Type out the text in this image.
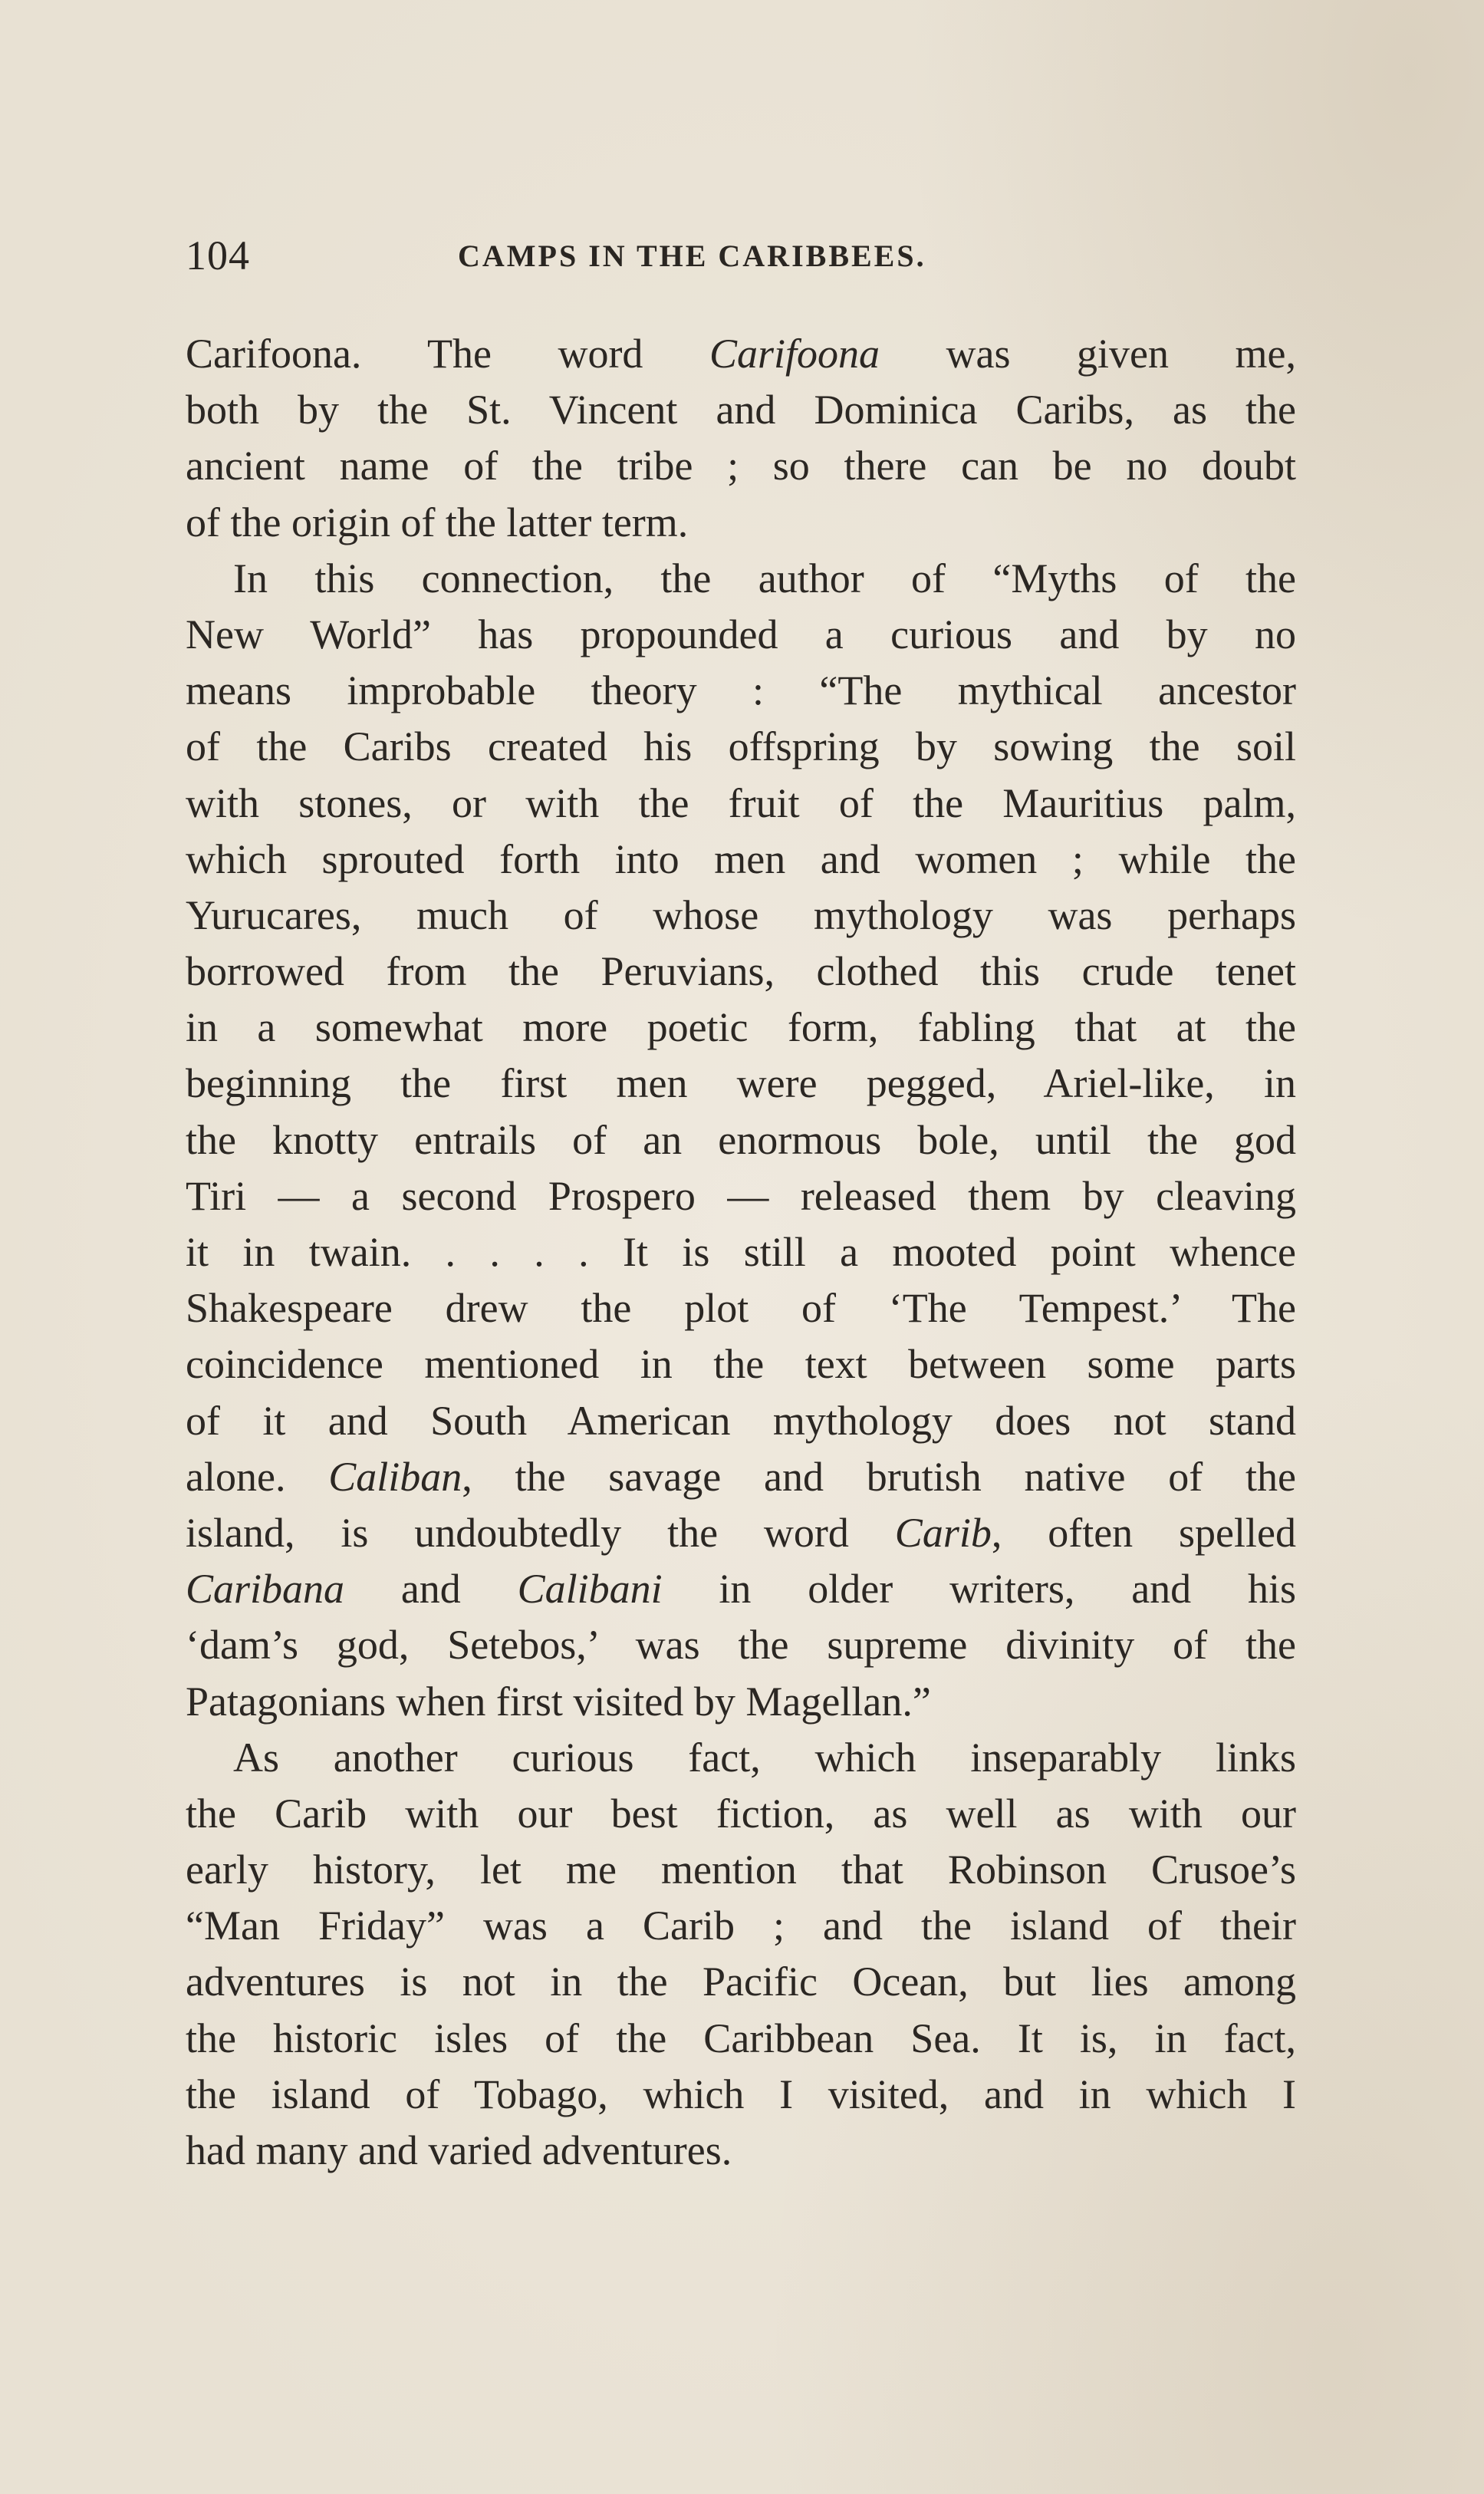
104	CAMPS IN THE CARIBBEES.
Carifoona. The word Carifoona was given me,
both by the St. Vincent and Dominica Caribs, as the
ancient name of the tribe ; so there can be no doubt
of the origin of the latter term.
In this connection, the author of “Myths of the
New World” has propounded a curious and by no
means improbable theory : “The mythical ancestor
of the Caribs created his offspring by sowing the soil
with stones, or with the fruit of the Mauritius palm,
which sprouted forth into men and women ; while the
Yurucares, much of whose mythology was perhaps
borrowed from the Peruvians, clothed this crude tenet
in a somewhat more poetic form, fabling that at the
beginning the first men were pegged, Ariel-like, in
the knotty entrails of an enormous bole, until the god
Tiri — a second Prospero — released them by cleaving
it in twain. . . . . It is still a mooted point whence
Shakespeare drew the plot of ‘The Tempest.’ The
coincidence mentioned in the text between some parts
of it and South American mythology does not stand
alone. Caliban, the savage and brutish native of the
island, is undoubtedly the word Carib, often spelled
Caribana and Calibani in older writers, and his
‘dam’s god, Setebos,’ was the supreme divinity of the
Patagonians when first visited by Magellan.”
As another curious fact, which inseparably links
the Carib with our best fiction, as well as with our
early history, let me mention that Robinson Crusoe’s
“Man Friday” was a Carib ; and the island of their
adventures is not in the Pacific Ocean, but lies among
the historic isles of the Caribbean Sea. It is, in fact,
the island of Tobago, which I visited, and in which I
had many and varied adventures.
